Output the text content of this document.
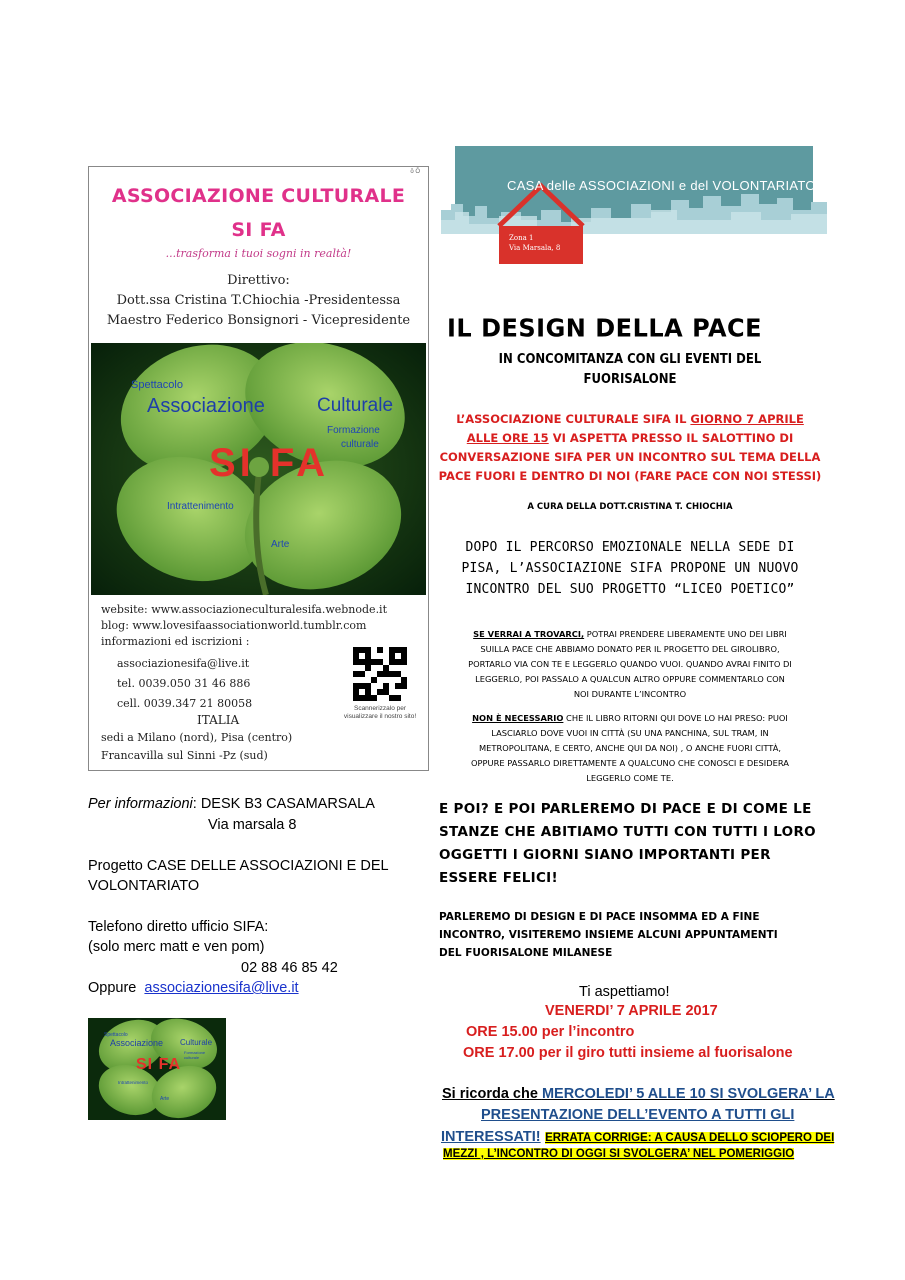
ŏ Ŏ
ASSOCIAZIONE CULTURALE
SI FA
...trasforma i tuoi sogni in realtà!
Direttivo:
Dott.ssa Cristina T.Chiochia -Presidentessa
Maestro Federico Bonsignori - Vicepresidente
Spettacolo
Associazione	Culturale
Formazione
culturale
SI FA
Intrattenimento
Arte
website: www.associazioneculturalesifa.webnode.it
blog: www.lovesifaassociationworld.tumblr.com
informazioni ed iscrizioni :
associazionesifa@live.it
tel. 0039.050 31 46 886
cell. 0039.347 21 80058
ITALIA
sedi a Milano (nord), Pisa (centro)
Francavilla sul Sinni -Pz (sud)
Scannerizzalo per visualizzare il nostro sito!
CASA delle ASSOCIAZIONI e del VOLONTARIATO
Zona 1
Via Marsala, 8
IL DESIGN DELLA PACE
IN CONCOMITANZA CON GLI EVENTI DEL
FUORISALONE
L’ASSOCIAZIONE CULTURALE SIFA IL GIORNO 7 APRILE
ALLE ORE 15 VI ASPETTA PRESSO IL SALOTTINO DI
CONVERSAZIONE SIFA PER UN INCONTRO SUL TEMA DELLA
PACE FUORI E DENTRO DI NOI (FARE PACE CON NOI STESSI)
A CURA DELLA DOTT.CRISTINA T. CHIOCHIA
DOPO IL PERCORSO EMOZIONALE NELLA SEDE DI
PISA, L’ASSOCIAZIONE SIFA PROPONE UN NUOVO
INCONTRO DEL SUO PROGETTO “LICEO POETICO”
SE VERRAI A TROVARCI, POTRAI PRENDERE LIBERAMENTE UNO DEI LIBRI
SUILLA PACE CHE ABBIAMO DONATO PER IL PROGETTO DEL GIROLIBRO,
PORTARLO VIA CON TE E LEGGERLO QUANDO VUOI. QUANDO AVRAI FINITO DI
LEGGERLO, POI PASSALO A QUALCUN ALTRO OPPURE COMMENTARLO CON
NOI DURANTE L’INCONTRO
NON È NECESSARIO CHE IL LIBRO RITORNI QUI DOVE LO HAI PRESO: PUOI
LASCIARLO DOVE VUOI IN CITTÀ (SU UNA PANCHINA, SUL TRAM, IN
METROPOLITANA, E CERTO, ANCHE QUI DA NOI) , O ANCHE FUORI CITTÀ,
OPPURE PASSARLO DIRETTAMENTE A QUALCUNO CHE CONOSCI E DESIDERA
LEGGERLO COME TE.
E POI? E POI PARLEREMO DI PACE E DI COME LE
STANZE CHE ABITIAMO TUTTI CON TUTTI I LORO
OGGETTI I GIORNI SIANO IMPORTANTI PER
ESSERE FELICI!
PARLEREMO DI DESIGN E DI PACE INSOMMA ED A FINE
INCONTRO, VISITEREMO INSIEME ALCUNI APPUNTAMENTI
DEL FUORISALONE MILANESE
Ti aspettiamo!
VENERDI’ 7 APRILE 2017
ORE 15.00 per l’incontro
ORE 17.00 per il giro tutti insieme al fuorisalone
Si ricorda che MERCOLEDI’ 5 ALLE 10 SI SVOLGERA’ LA
PRESENTAZIONE DELL’EVENTO A TUTTI GLI
INTERESSATI! ERRATA CORRIGE: A CAUSA DELLO SCIOPERO DEI
MEZZI , L’INCONTRO DI OGGI SI SVOLGERA’ NEL POMERIGGIO
Per informazioni: DESK B3 CASAMARSALA
Via marsala 8
Progetto CASE DELLE ASSOCIAZIONI E DEL
VOLONTARIATO
Telefono diretto ufficio SIFA:
(solo merc matt e ven pom)
02 88 46 85 42
Oppure  associazionesifa@live.it
Spettacolo
Associazione Culturale
Formazione culturale
SI FA
Intrattenimento
Arte
